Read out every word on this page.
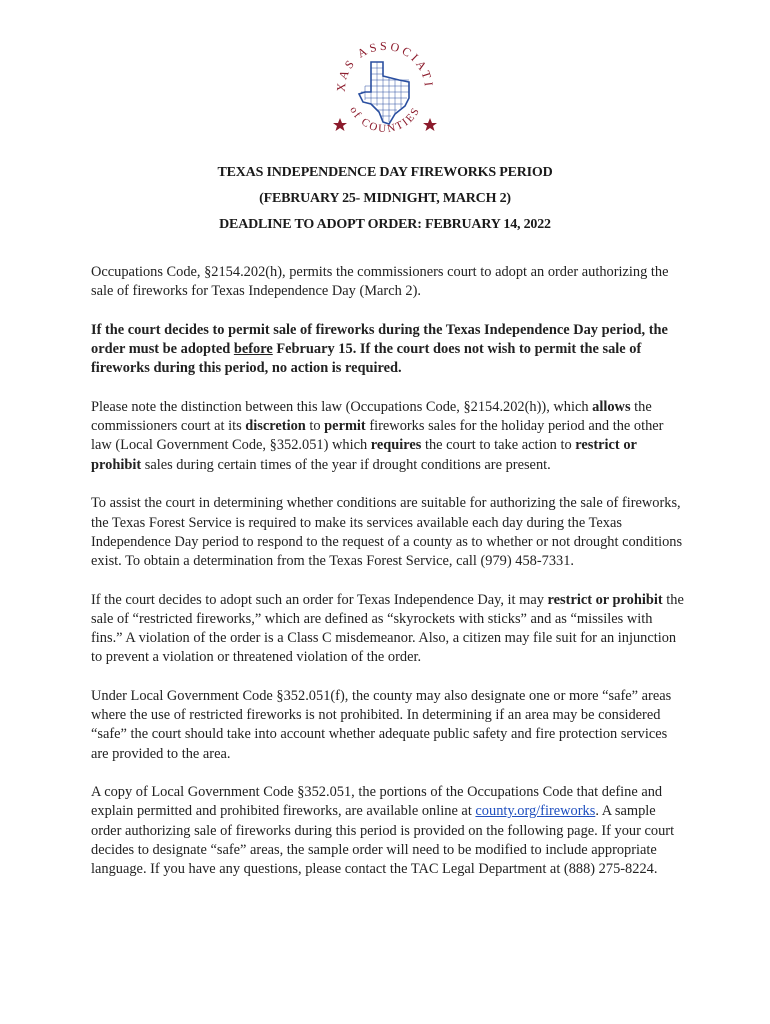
XAS ASSOCIATI
of COUNTIES
TEXAS INDEPENDENCE DAY FIREWORKS PERIOD
(FEBRUARY 25- MIDNIGHT, MARCH 2)
DEADLINE TO ADOPT ORDER: FEBRUARY 14, 2022

Occupations Code, §2154.202(h), permits the commissioners court to adopt an order authorizing the sale of fireworks for Texas Independence Day (March 2).

If the court decides to permit sale of fireworks during the Texas Independence Day period, the order must be adopted before February 15. If the court does not wish to permit the sale of fireworks during this period, no action is required.

Please note the distinction between this law (Occupations Code, §2154.202(h)), which allows the commissioners court at its discretion to permit fireworks sales for the holiday period and the other law (Local Government Code, §352.051) which requires the court to take action to restrict or prohibit sales during certain times of the year if drought conditions are present.

To assist the court in determining whether conditions are suitable for authorizing the sale of fireworks, the Texas Forest Service is required to make its services available each day during the Texas Independence Day period to respond to the request of a county as to whether or not drought conditions exist. To obtain a determination from the Texas Forest Service, call (979) 458-7331.

If the court decides to adopt such an order for Texas Independence Day, it may restrict or prohibit the sale of “restricted fireworks,” which are defined as “skyrockets with sticks” and as “missiles with fins.” A violation of the order is a Class C misdemeanor. Also, a citizen may file suit for an injunction to prevent a violation or threatened violation of the order.

Under Local Government Code §352.051(f), the county may also designate one or more “safe” areas where the use of restricted fireworks is not prohibited. In determining if an area may be considered “safe” the court should take into account whether adequate public safety and fire protection services are provided to the area.

A copy of Local Government Code §352.051, the portions of the Occupations Code that define and explain permitted and prohibited fireworks, are available online at county.org/fireworks. A sample order authorizing sale of fireworks during this period is provided on the following page. If your court decides to designate “safe” areas, the sample order will need to be modified to include appropriate language. If you have any questions, please contact the TAC Legal Department at (888) 275-8224.
